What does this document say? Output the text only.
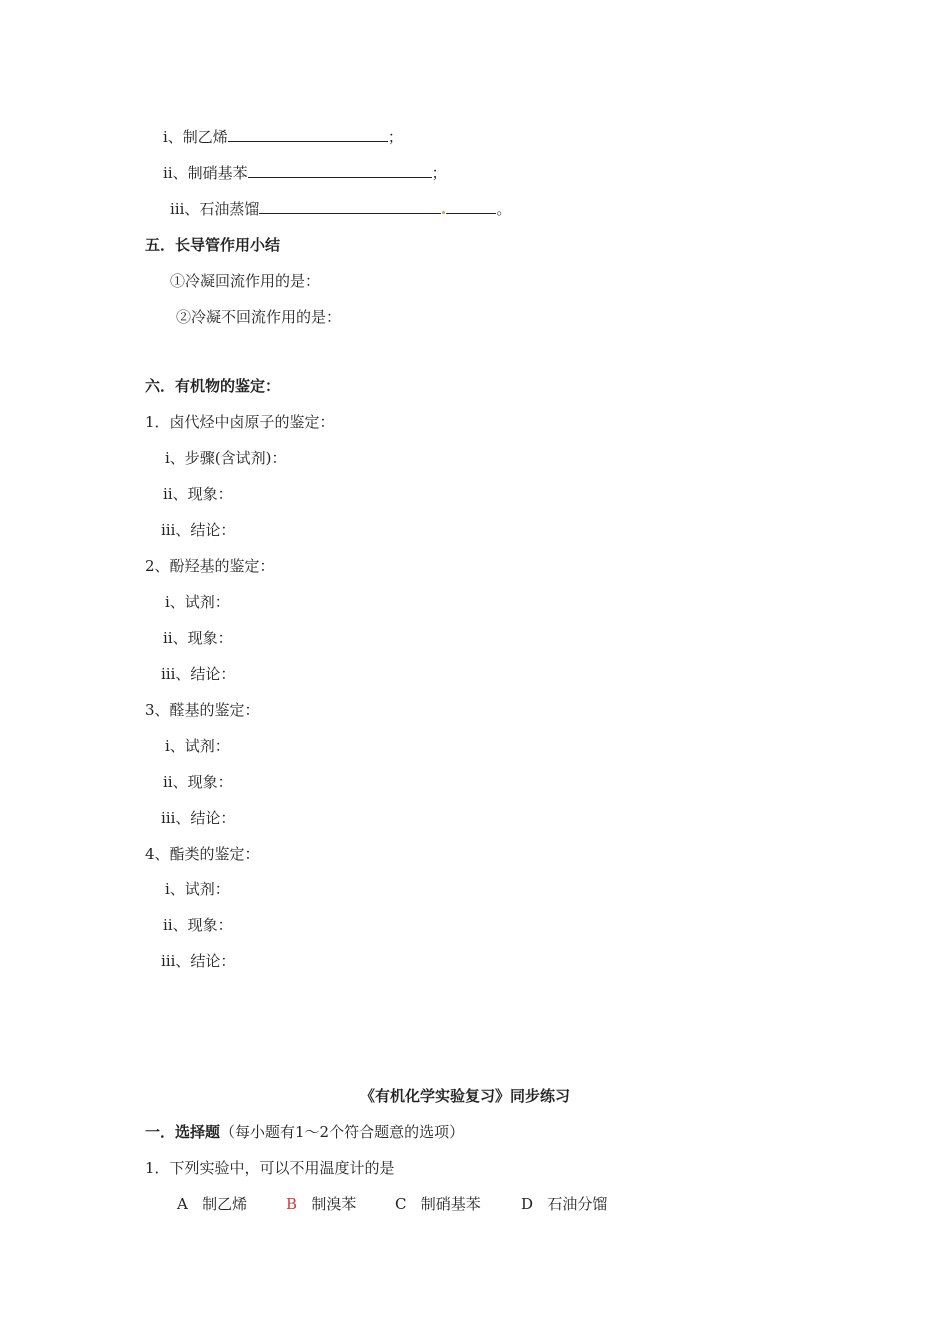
ⅰ、制乙烯	；
ⅱ、制硝基苯	；
ⅲ、石油蒸馏	。
五．长导管作用小结
①冷凝回流作用的是：
②冷凝不回流作用的是：
六．有机物的鉴定：
1．卤代烃中卤原子的鉴定：
ⅰ、步骤(含试剂)：
ⅱ、现象：
ⅲ、结论：
2、酚羟基的鉴定：
ⅰ、试剂：
ⅱ、现象：
ⅲ、结论：
3、醛基的鉴定：
ⅰ、试剂：
ⅱ、现象：
ⅲ、结论：
4、酯类的鉴定：
ⅰ、试剂：
ⅱ、现象：
ⅲ、结论：
《有机化学实验复习》同步练习
一．选择题（每小题有1～2个符合题意的选项）
1．下列实验中，可以不用温度计的是
A 制乙烯	B 制溴苯	C 制硝基苯	D 石油分馏
